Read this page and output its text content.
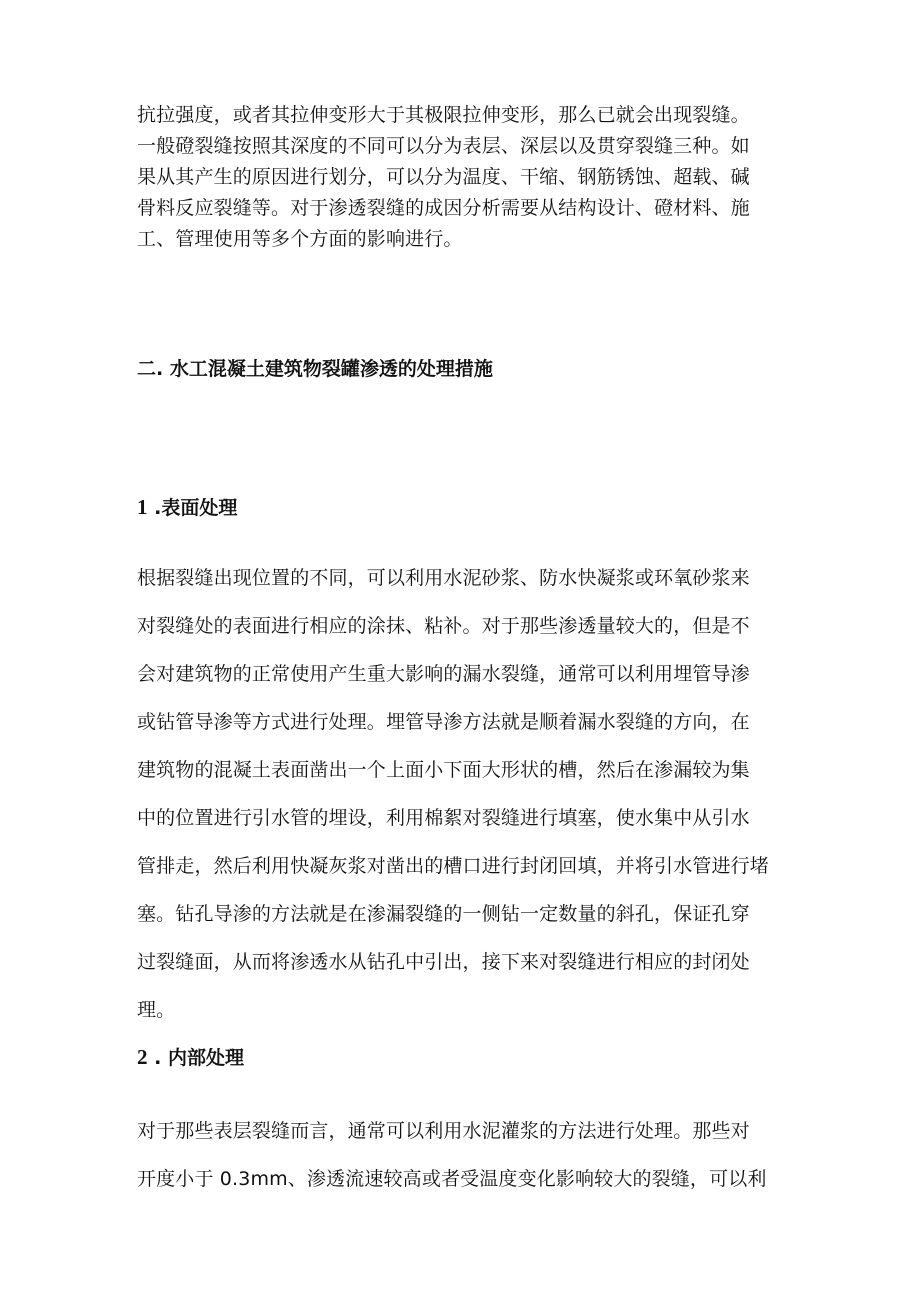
抗拉强度，或者其拉伸变形大于其极限拉伸变形，那么已就会出现裂缝。
一般磴裂缝按照其深度的不同可以分为表层、深层以及贯穿裂缝三种。如
果从其产生的原因进行划分，可以分为温度、干缩、钢筋锈蚀、超载、碱
骨料反应裂缝等。对于渗透裂缝的成因分析需要从结构设计、磴材料、施
工、管理使用等多个方面的影响进行。
二. 水工混凝土建筑物裂罐渗透的处理措施
1 .表面处理
根据裂缝出现位置的不同，可以利用水泥砂浆、防水快凝浆或环氧砂浆来
对裂缝处的表面进行相应的涂抹、粘补。对于那些渗透量较大的，但是不
会对建筑物的正常使用产生重大影响的漏水裂缝，通常可以利用埋管导渗
或钻管导渗等方式进行处理。埋管导渗方法就是顺着漏水裂缝的方向，在
建筑物的混凝土表面凿出一个上面小下面大形状的槽，然后在渗漏较为集
中的位置进行引水管的埋设，利用棉絮对裂缝进行填塞，使水集中从引水
管排走，然后利用快凝灰浆对凿出的槽口进行封闭回填，并将引水管进行堵
塞。钻孔导渗的方法就是在渗漏裂缝的一侧钻一定数量的斜孔，保证孔穿
过裂缝面，从而将渗透水从钻孔中引出，接下来对裂缝进行相应的封闭处
理。
2 . 内部处理
对于那些表层裂缝而言，通常可以利用水泥灌浆的方法进行处理。那些对
开度小于 0.3mm、渗透流速较高或者受温度变化影响较大的裂缝，可以利
